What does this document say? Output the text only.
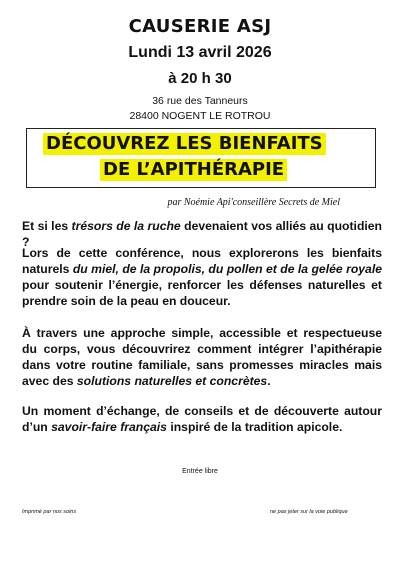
CAUSERIE ASJ
Lundi 13 avril 2026
à 20 h 30
36 rue des Tanneurs
28400 NOGENT LE ROTROU
DÉCOUVREZ LES BIENFAITS
DE L’APITHÉRAPIE
par Noémie Api'conseillère Secrets de Miel
Et si les trésors de la ruche devenaient vos alliés au quotidien ?
Lors de cette conférence, nous explorerons les bienfaits naturels du miel, de la propolis, du pollen et de la gelée royale pour soutenir l’énergie, renforcer les défenses naturelles et prendre soin de la peau en douceur.
À travers une approche simple, accessible et respectueuse du corps, vous découvrirez comment intégrer l’apithérapie dans votre routine familiale, sans promesses miracles mais avec des solutions naturelles et concrètes.
Un moment d’échange, de conseils et de découverte autour d’un savoir-faire français inspiré de la tradition apicole.
Entrée libre
Imprimé par nos soins	ne pas jeter sur la voie publique
